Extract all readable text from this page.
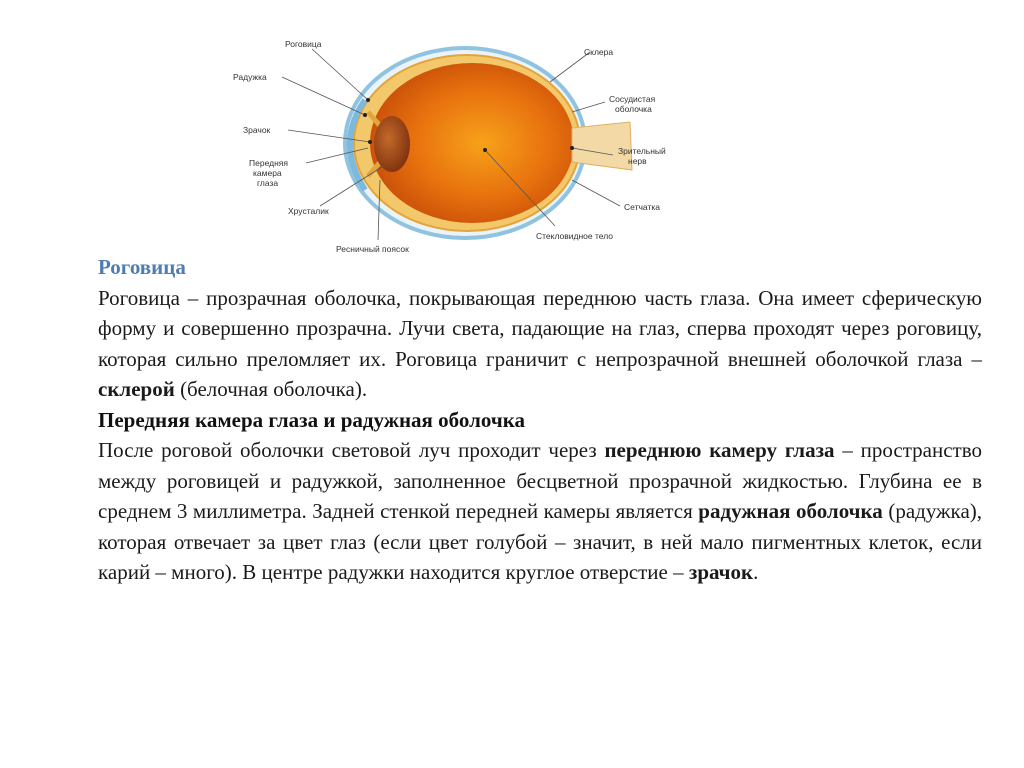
Роговица
Радужка
Зрачок
Передняя
камера
глаза
Хрусталик
Ресничный поясок
Склера
Сосудистая
оболочка
Зрительный
нерв
Сетчатка
Стекловидное тело

Роговица

Роговица – прозрачная оболочка, покрывающая переднюю часть глаза. Она имеет сферическую форму и совершенно прозрачна. Лучи света, падающие на глаз, сперва проходят через роговицу, которая сильно преломляет их. Роговица граничит с непрозрачной внешней оболочкой глаза – склерой (белочная оболочка).

Передняя камера глаза и радужная оболочка

После роговой оболочки световой луч проходит через переднюю камеру глаза – пространство между роговицей и радужкой, заполненное бесцветной прозрачной жидкостью. Глубина ее в среднем 3 миллиметра. Задней стенкой передней камеры является радужная оболочка (радужка), которая отвечает за цвет глаз (если цвет голубой – значит, в ней мало пигментных клеток, если карий – много). В центре радужки находится круглое отверстие – зрачок.
